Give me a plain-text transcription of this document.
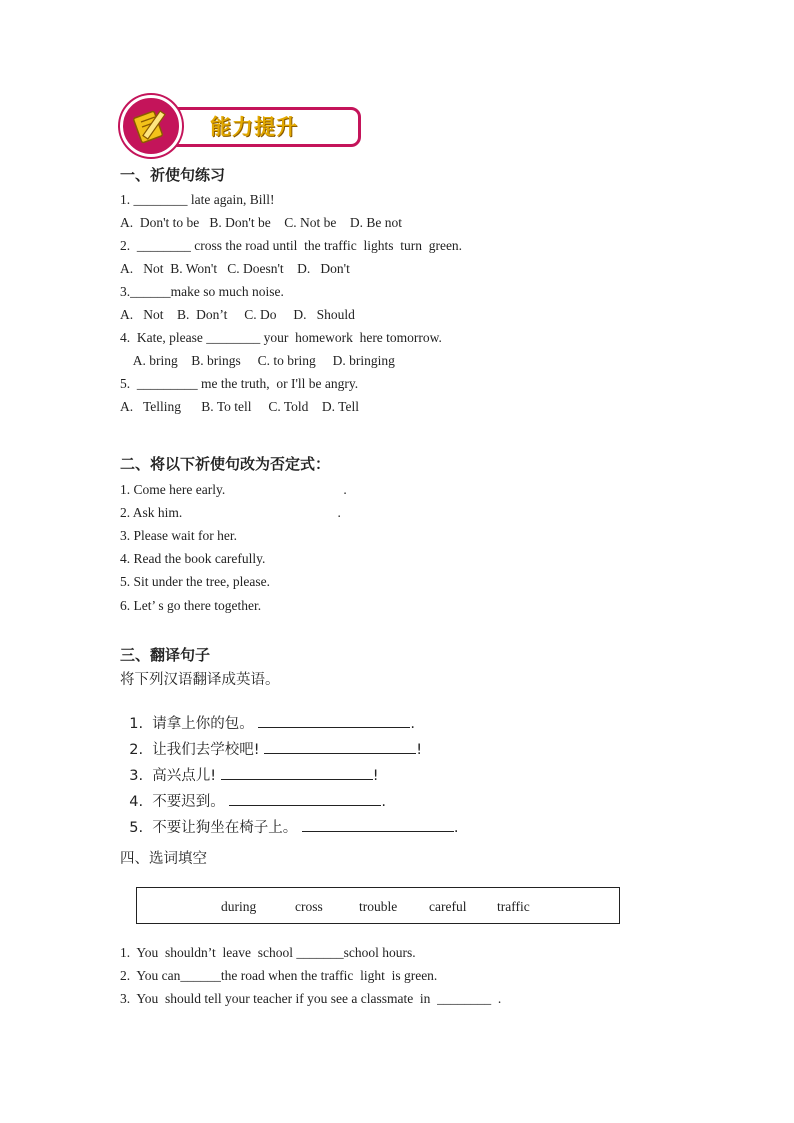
能力提升
一、祈使句练习
1. ________ late again, Bill!
A.  Don't to be   B. Don't be    C. Not be    D. Be not
2.  ________ cross the road until  the traffic  lights  turn  green.
A.   Not  B. Won't   C. Doesn't    D.   Don't
3.______make so much noise.
A.   Not    B.  Don’t     C. Do     D.   Should
4.  Kate, please ________ your  homework  here tomorrow.
A. bring    B. brings     C. to bring     D. bringing
5.  _________ me the truth,  or I'll be angry.
A.   Telling      B. To tell     C. Told    D. Tell
二、将以下祈使句改为否定式：
1. Come here early.                                   .
2. Ask him.                                              .
3. Please wait for her.
4. Read the book carefully.
5. Sit under the tree, please.
6. Let’ s go there together.
三、翻译句子
将下列汉语翻译成英语。

1. 请拿上你的包。	.

2. 让我们去学校吧!	!

3. 高兴点儿!	!

4. 不要迟到。	.

5. 不要让狗坐在椅子上。	.

四、选词填空
during	cross	trouble careful traffic
1.  You  shouldn’t  leave  school _______school hours.
2.  You can______the road when the traffic  light  is green.
3.  You  should tell your teacher if you see a classmate  in  ________  .
